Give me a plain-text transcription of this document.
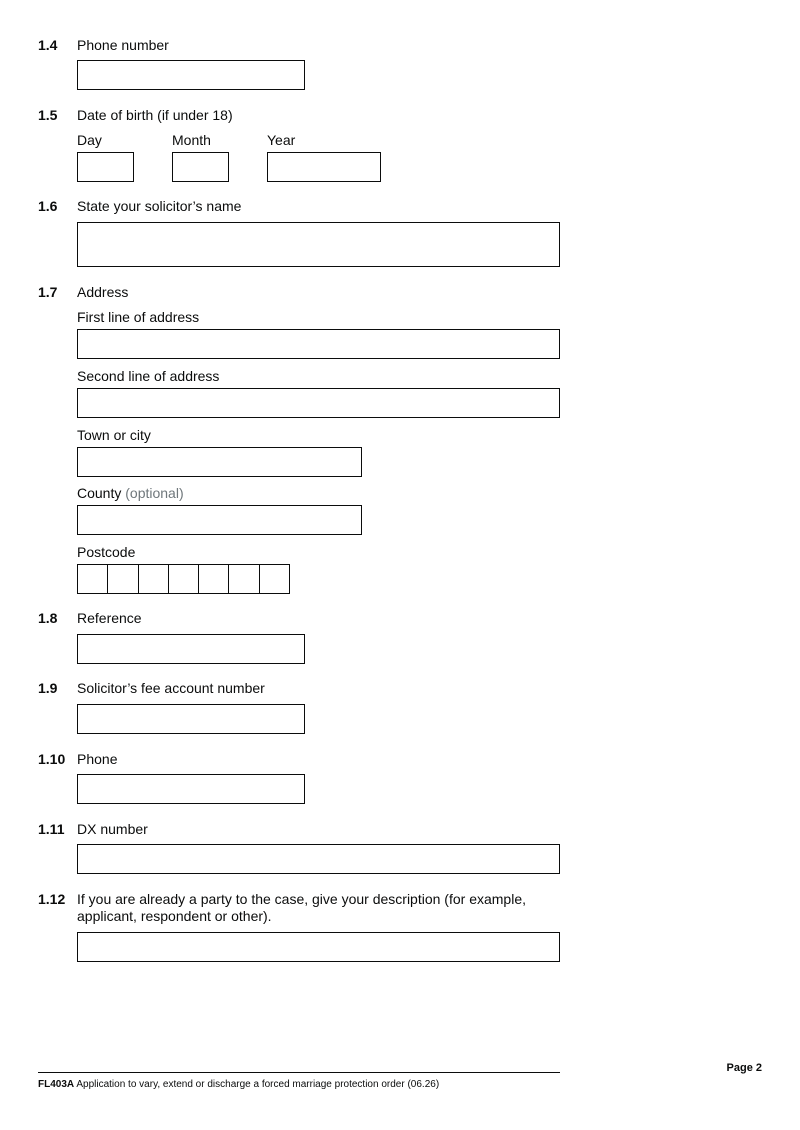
1.4 Phone number
1.5 Date of birth (if under 18)
Day	Month	Year
1.6 State your solicitor’s name
1.7 Address
First line of address
Second line of address
Town or city
County (optional)
Postcode
1.8 Reference
1.9 Solicitor’s fee account number
1.10 Phone
1.11 DX number
1.12 If you are already a party to the case, give your description (for example,
applicant, respondent or other).
FL403A Application to vary, extend or discharge a forced marriage protection order (06.26)
Page 2
